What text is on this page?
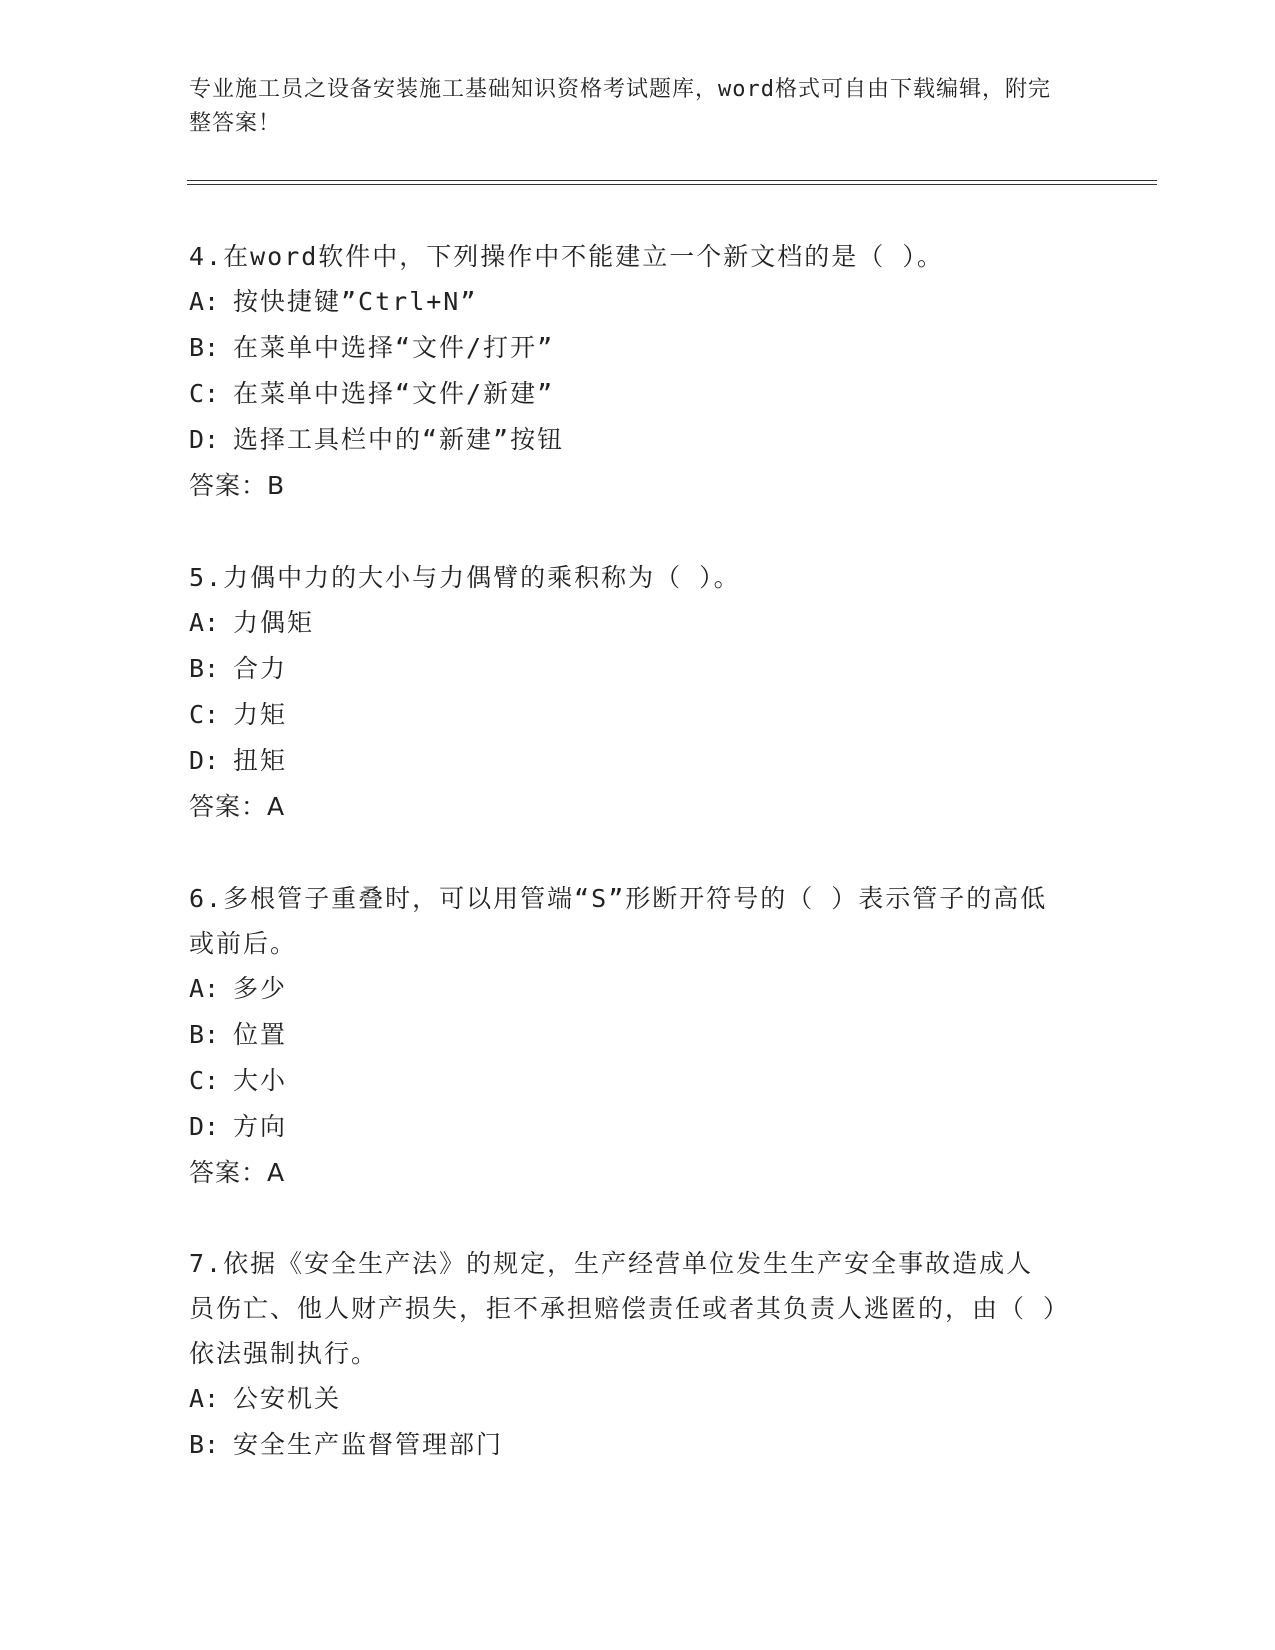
专业施工员之设备安装施工基础知识资格考试题库，word格式可自由下载编辑，附完整答案！

4.在word软件中，下列操作中不能建立一个新文档的是（ ）。

A: 按快捷键”Ctrl+N”

B: 在菜单中选择“文件/打开”

C: 在菜单中选择“文件/新建”

D: 选择工具栏中的“新建”按钮

答案：B

5.力偶中力的大小与力偶臂的乘积称为（ ）。

A: 力偶矩

B: 合力

C: 力矩

D: 扭矩

答案：A

6.多根管子重叠时，可以用管端“S”形断开符号的（ ）表示管子的高低或前后。

A: 多少

B: 位置

C: 大小

D: 方向

答案：A

7.依据《安全生产法》的规定，生产经营单位发生生产安全事故造成人员伤亡、他人财产损失，拒不承担赔偿责任或者其负责人逃匿的，由（ ）依法强制执行。

A: 公安机关

B: 安全生产监督管理部门
